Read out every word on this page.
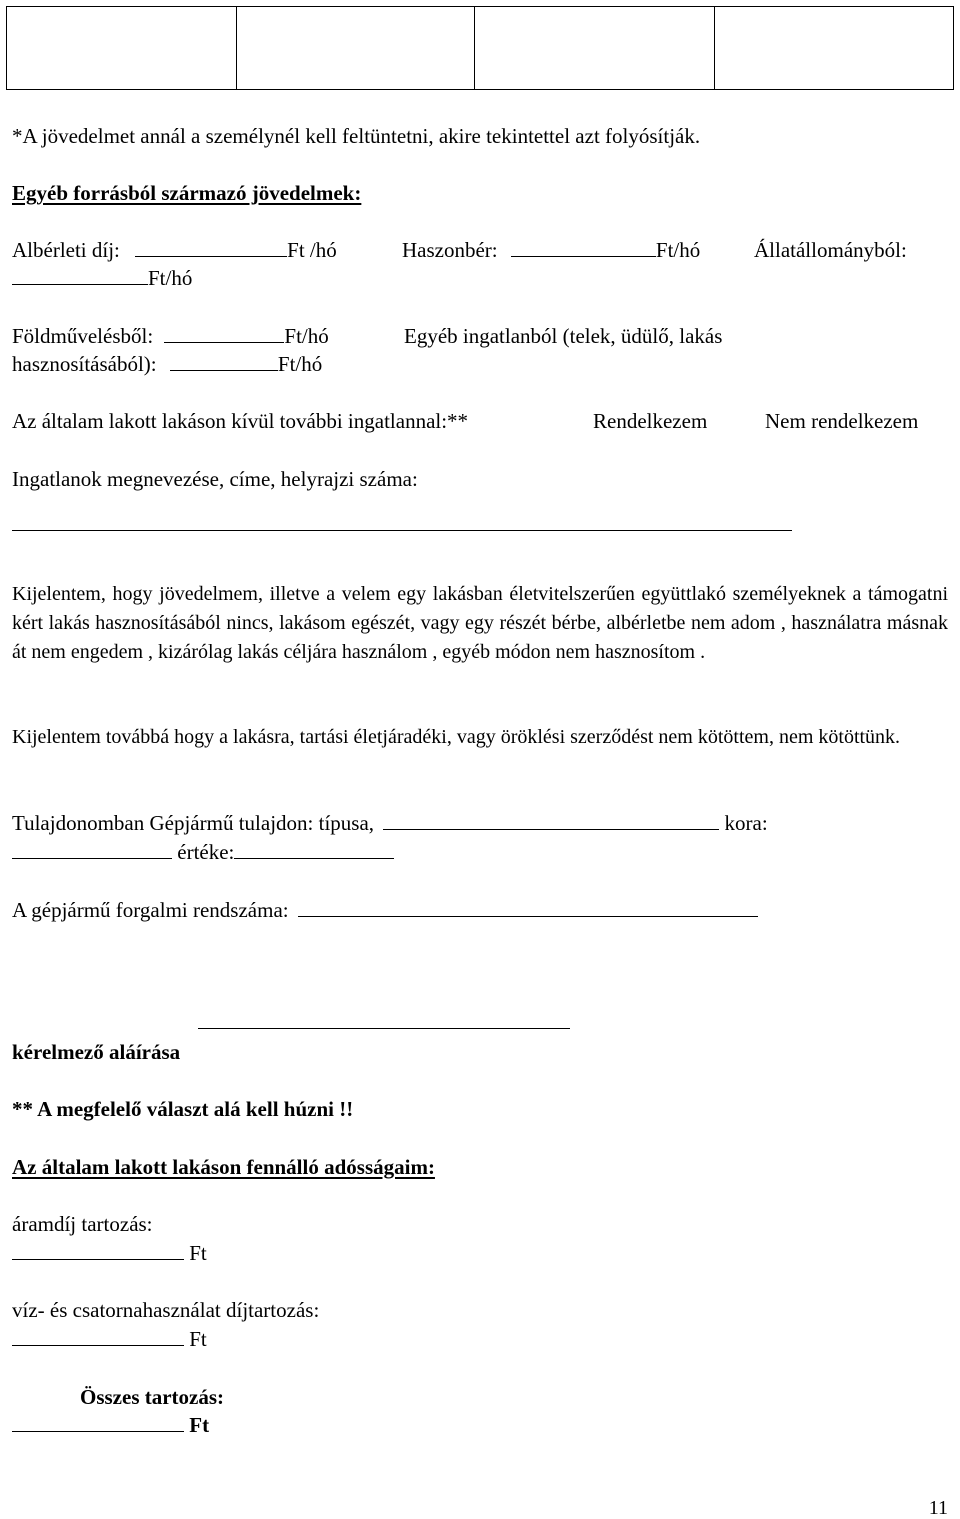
*A jövedelmet annál a személynél kell feltüntetni, akire tekintettel azt folyósítják.
Egyéb forrásból származó jövedelmek:
Albérleti díj:	Ft /hó	Haszonbér:	Ft/hó	Állatállományból:
Ft/hó
Földművelésből:	Ft/hó	Egyéb ingatlanból (telek, üdülő, lakás
hasznosításából):	Ft/hó
Az általam lakott lakáson kívül további ingatlannal:**	Rendelkezem	Nem rendelkezem
Ingatlanok megnevezése, címe, helyrajzi száma:
Kijelentem, hogy jövedelmem, illetve a velem egy lakásban életvitelszerűen együttlakó személyeknek a támogatni kért lakás hasznosításából nincs, lakásom egészét, vagy egy részét bérbe, albérletbe nem adom , használatra másnak át nem engedem , kizárólag lakás céljára használom , egyéb módon nem hasznosítom .
Kijelentem továbbá hogy a lakásra, tartási életjáradéki, vagy öröklési szerződést nem kötöttem, nem kötöttünk.
Tulajdonomban Gépjármű tulajdon: típusa,	kora:
értéke:
A gépjármű forgalmi rendszáma:
kérelmező aláírása
** A megfelelő választ alá kell húzni !!
Az általam lakott lakáson fennálló adósságaim:
áramdíj tartozás:
Ft
víz- és csatornahasználat díjtartozás:
Ft
Összes tartozás:
Ft
11
